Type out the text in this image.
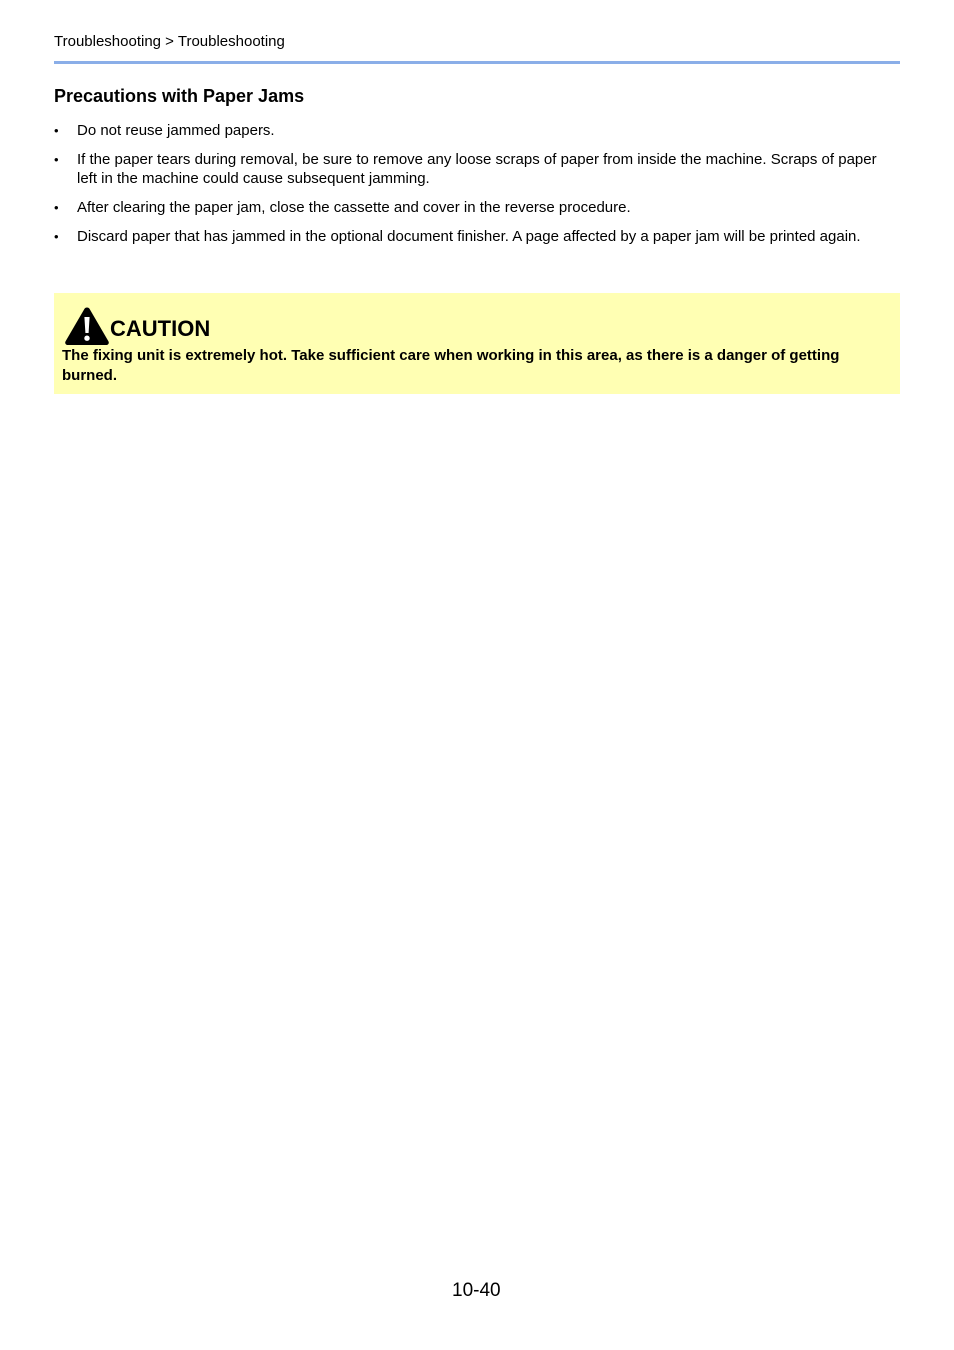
Troubleshooting > Troubleshooting
Precautions with Paper Jams
•	Do not reuse jammed papers.
•	If the paper tears during removal, be sure to remove any loose scraps of paper from inside the machine. Scraps of paper left in the machine could cause subsequent jamming.
•	After clearing the paper jam, close the cassette and cover in the reverse procedure.
•	Discard paper that has jammed in the optional document finisher. A page affected by a paper jam will be printed again.
CAUTION
The fixing unit is extremely hot. Take sufficient care when working in this area, as there is a danger of getting burned.
10-40
